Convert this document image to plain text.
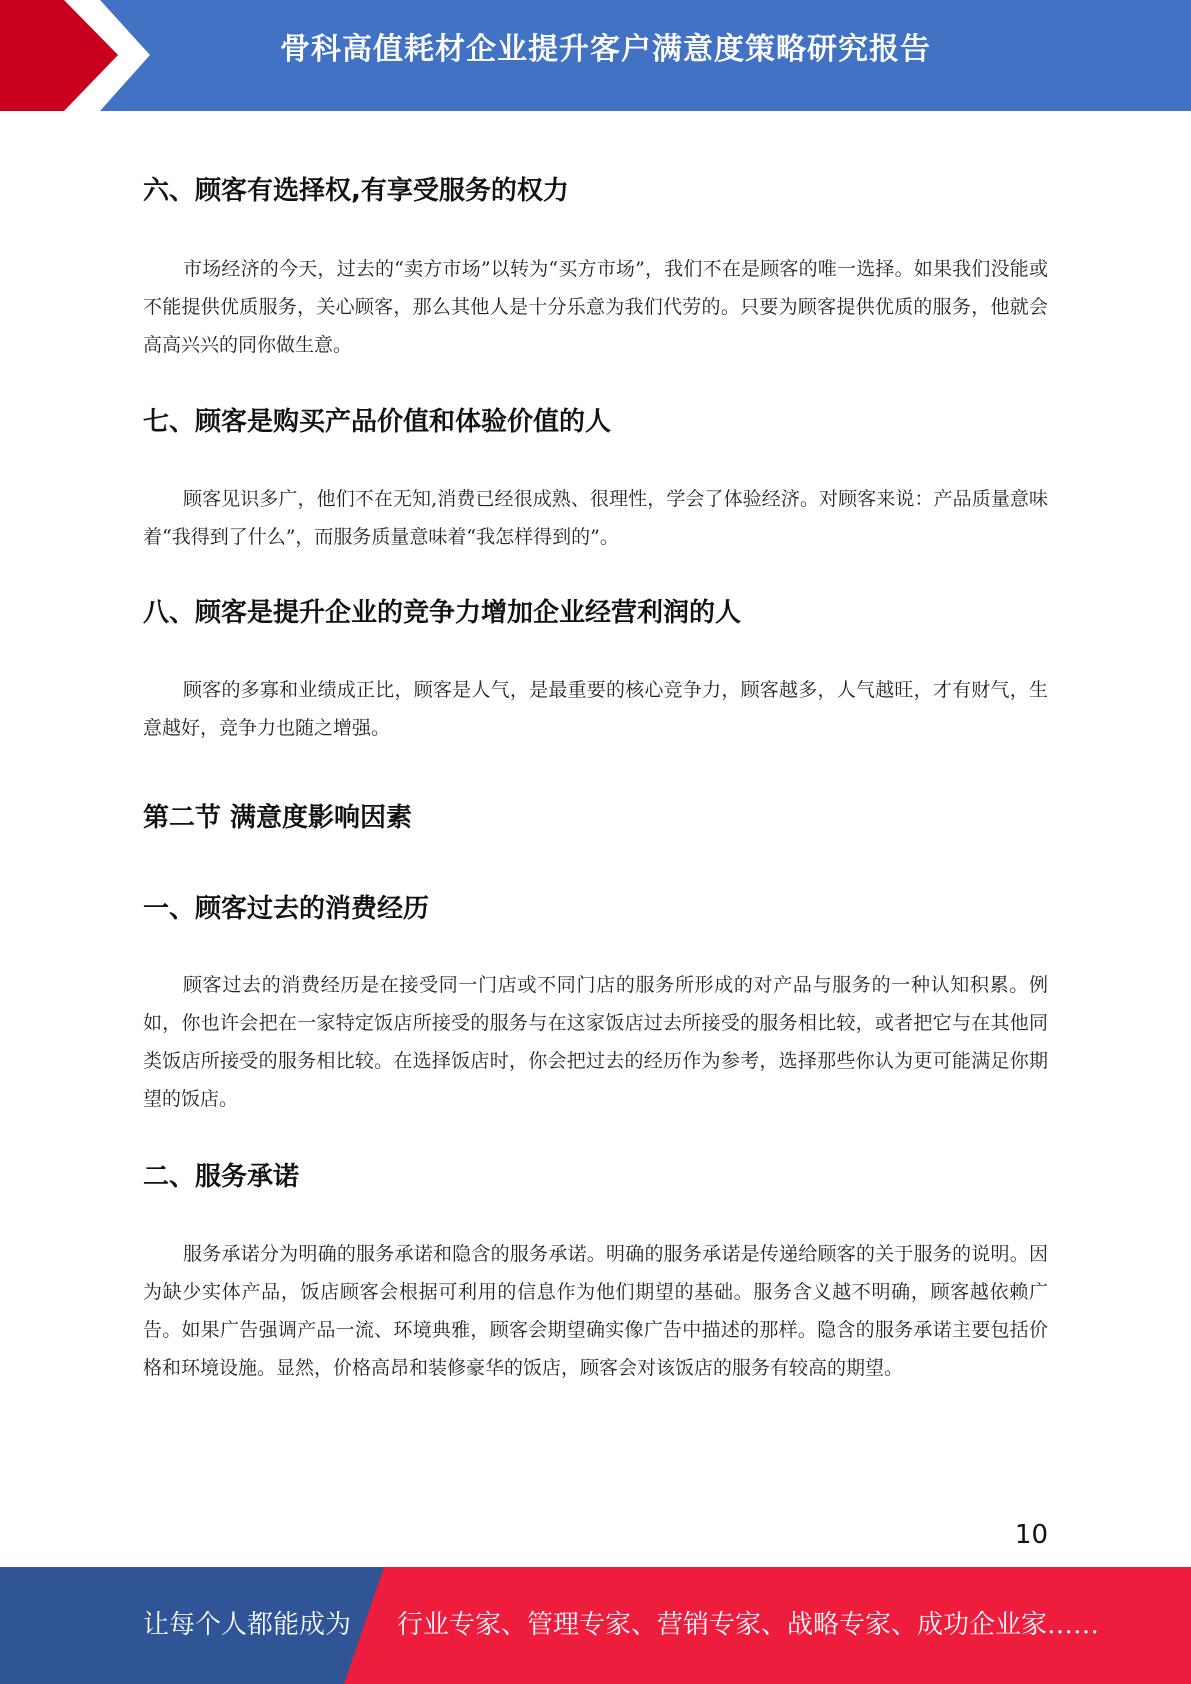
骨科高值耗材企业提升客户满意度策略研究报告
六、顾客有选择权,有享受服务的权力

市场经济的今天，过去的“卖方市场”以转为“买方市场”，我们不在是顾客的唯一选择。如果我们没能或不能提供优质服务，关心顾客，那么其他人是十分乐意为我们代劳的。只要为顾客提供优质的服务，他就会高高兴兴的同你做生意。

七、顾客是购买产品价值和体验价值的人

顾客见识多广，他们不在无知,消费已经很成熟、很理性，学会了体验经济。对顾客来说：产品质量意味着“我得到了什么”，而服务质量意味着“我怎样得到的”。

八、顾客是提升企业的竞争力增加企业经营利润的人

顾客的多寡和业绩成正比，顾客是人气，是最重要的核心竞争力，顾客越多，人气越旺，才有财气，生意越好，竞争力也随之增强。

第二节 满意度影响因素
一、顾客过去的消费经历

顾客过去的消费经历是在接受同一门店或不同门店的服务所形成的对产品与服务的一种认知积累。例如，你也许会把在一家特定饭店所接受的服务与在这家饭店过去所接受的服务相比较，或者把它与在其他同类饭店所接受的服务相比较。在选择饭店时，你会把过去的经历作为参考，选择那些你认为更可能满足你期望的饭店。

二、服务承诺

服务承诺分为明确的服务承诺和隐含的服务承诺。明确的服务承诺是传递给顾客的关于服务的说明。因为缺少实体产品，饭店顾客会根据可利用的信息作为他们期望的基础。服务含义越不明确，顾客越依赖广告。如果广告强调产品一流、环境典雅，顾客会期望确实像广告中描述的那样。隐含的服务承诺主要包括价格和环境设施。显然，价格高昂和装修豪华的饭店，顾客会对该饭店的服务有较高的期望。

10
让每个人都能成为 行业专家、管理专家、营销专家、战略专家、成功企业家……
